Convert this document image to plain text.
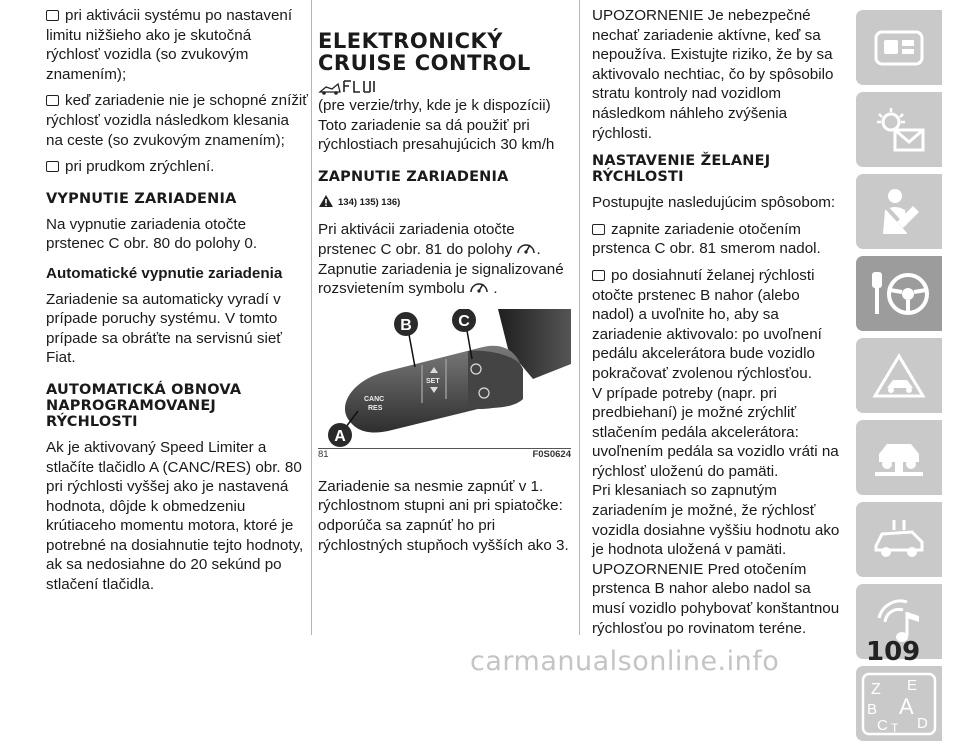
pri aktivácii systému po nastavení limitu nižšieho ako je skutočná rýchlosť vozidla (so zvukovým znamením);

keď zariadenie nie je schopné znížiť rýchlosť vozidla následkom klesania na ceste (so zvukovým znamením);

pri prudkom zrýchlení.

VYPNUTIE ZARIADENIA

Na vypnutie zariadenia otočte prstenec C obr. 80 do polohy 0.

Automatické vypnutie zariadenia

Zariadenie sa automaticky vyradí v prípade poruchy systému. V tomto prípade sa obráťte na servisnú sieť Fiat.

AUTOMATICKÁ OBNOVA NAPROGRAMOVANEJ RÝCHLOSTI

Ak je aktivovaný Speed Limiter a stlačíte tlačidlo A (CANC/RES) obr. 80 pri rýchlosti vyššej ako je nastavená hodnota, dôjde k obmedzeniu krútiaceho momentu motora, ktoré je potrebné na dosiahnutie tejto hodnoty, ak sa nedosiahne do 20 sekúnd po stlačení tlačidla.

ELEKTRONICKÝ CRUISE CONTROL

(pre verzie/trhy, kde je k dispozícii)

Toto zariadenie sa dá použiť pri rýchlostiach presahujúcich 30 km/h

ZAPNUTIE ZARIADENIA
134) 135) 136)

Pri aktivácii zariadenia otočte prstenec C obr. 81 do polohy .

Zapnutie zariadenia je signalizované rozsvietením symbolu  .

CANC
RES
SET
B	C
A
81	F0S0624

Zariadenie sa nesmie zapnúť v 1. rýchlostnom stupni ani pri spiatočke: odporúča sa zapnúť ho pri rýchlostných stupňoch vyšších ako 3.

UPOZORNENIE Je nebezpečné nechať zariadenie aktívne, keď sa nepoužíva. Existujte riziko, že by sa aktivovalo nechtiac, čo by spôsobilo stratu kontroly nad vozidlom následkom náhleho zvýšenia rýchlosti.

NASTAVENIE ŽELANEJ RÝCHLOSTI

Postupujte nasledujúcim spôsobom:

zapnite zariadenie otočením prstenca C obr. 81 smerom nadol.

po dosiahnutí želanej rýchlosti otočte prstenec B nahor (alebo nadol) a uvoľnite ho, aby sa zariadenie aktivovalo: po uvoľnení pedálu akcelerátora bude vozidlo pokračovať zvolenou rýchlosťou.

V prípade potreby (napr. pri predbiehaní) je možné zrýchliť stlačením pedála akcelerátora: uvoľnením pedála sa vozidlo vráti na rýchlosť uloženú do pamäti.

Pri klesaniach so zapnutým zariadením je možné, že rýchlosť vozidla dosiahne vyššiu hodnotu ako je hodnota uložená v pamäti.

UPOZORNENIE Pred otočením prstenca B nahor alebo nadol sa musí vozidlo pohybovať konštantnou rýchlosťou po rovinatom teréne.

Z E
B A
C T D
109
carmanualsonline.info
